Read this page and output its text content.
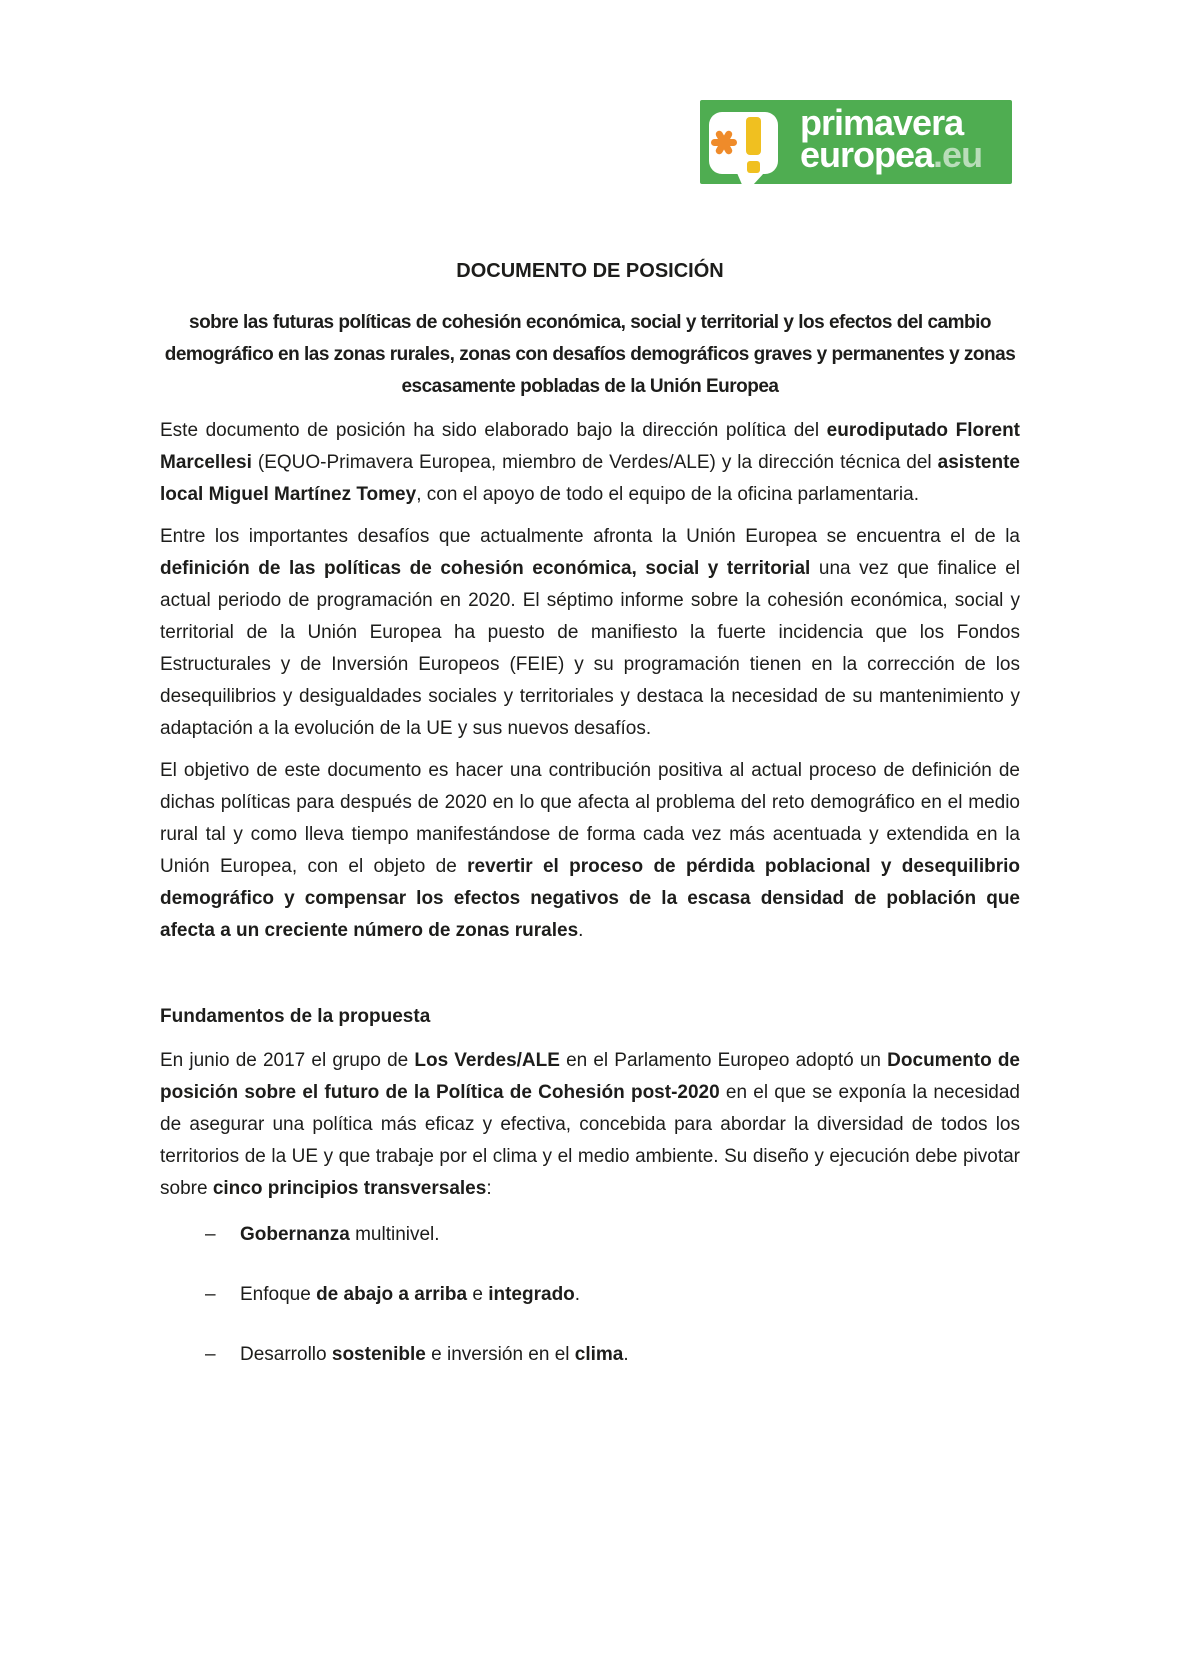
primavera
europea.eu

DOCUMENTO DE POSICIÓN

sobre las futuras políticas de cohesión económica, social y territorial y los efectos del cambio demográfico en las zonas rurales, zonas con desafíos demográficos graves y permanentes y zonas escasamente pobladas de la Unión Europea

Este documento de posición ha sido elaborado bajo la dirección política del eurodiputado Florent Marcellesi (EQUO-Primavera Europea, miembro de Verdes/ALE) y la dirección técnica del asistente local Miguel Martínez Tomey, con el apoyo de todo el equipo de la oficina parlamentaria.

Entre los importantes desafíos que actualmente afronta la Unión Europea se encuentra el de la definición de las políticas de cohesión económica, social y territorial una vez que finalice el actual periodo de programación en 2020. El séptimo informe sobre la cohesión económica, social y territorial de la Unión Europea ha puesto de manifiesto la fuerte incidencia que los Fondos Estructurales y de Inversión Europeos (FEIE) y su programación tienen en la corrección de los desequilibrios y desigualdades sociales y territoriales y destaca la necesidad de su mantenimiento y adaptación a la evolución de la UE y sus nuevos desafíos.

El objetivo de este documento es hacer una contribución positiva al actual proceso de definición de dichas políticas para después de 2020 en lo que afecta al problema del reto demográfico en el medio rural tal y como lleva tiempo manifestándose de forma cada vez más acentuada y extendida en la Unión Europea, con el objeto de revertir el proceso de pérdida poblacional y desequilibrio demográfico y compensar los efectos negativos de la escasa densidad de población que afecta a un creciente número de zonas rurales.

Fundamentos de la propuesta

En junio de 2017 el grupo de Los Verdes/ALE en el Parlamento Europeo adoptó un Documento de posición sobre el futuro de la Política de Cohesión post-2020 en el que se exponía la necesidad de asegurar una política más eficaz y efectiva, concebida para abordar la diversidad de todos los territorios de la UE y que trabaje por el clima y el medio ambiente. Su diseño y ejecución debe pivotar sobre cinco principios transversales:

–	Gobernanza multinivel.
–	Enfoque de abajo a arriba e integrado.
–	Desarrollo sostenible e inversión en el clima.
